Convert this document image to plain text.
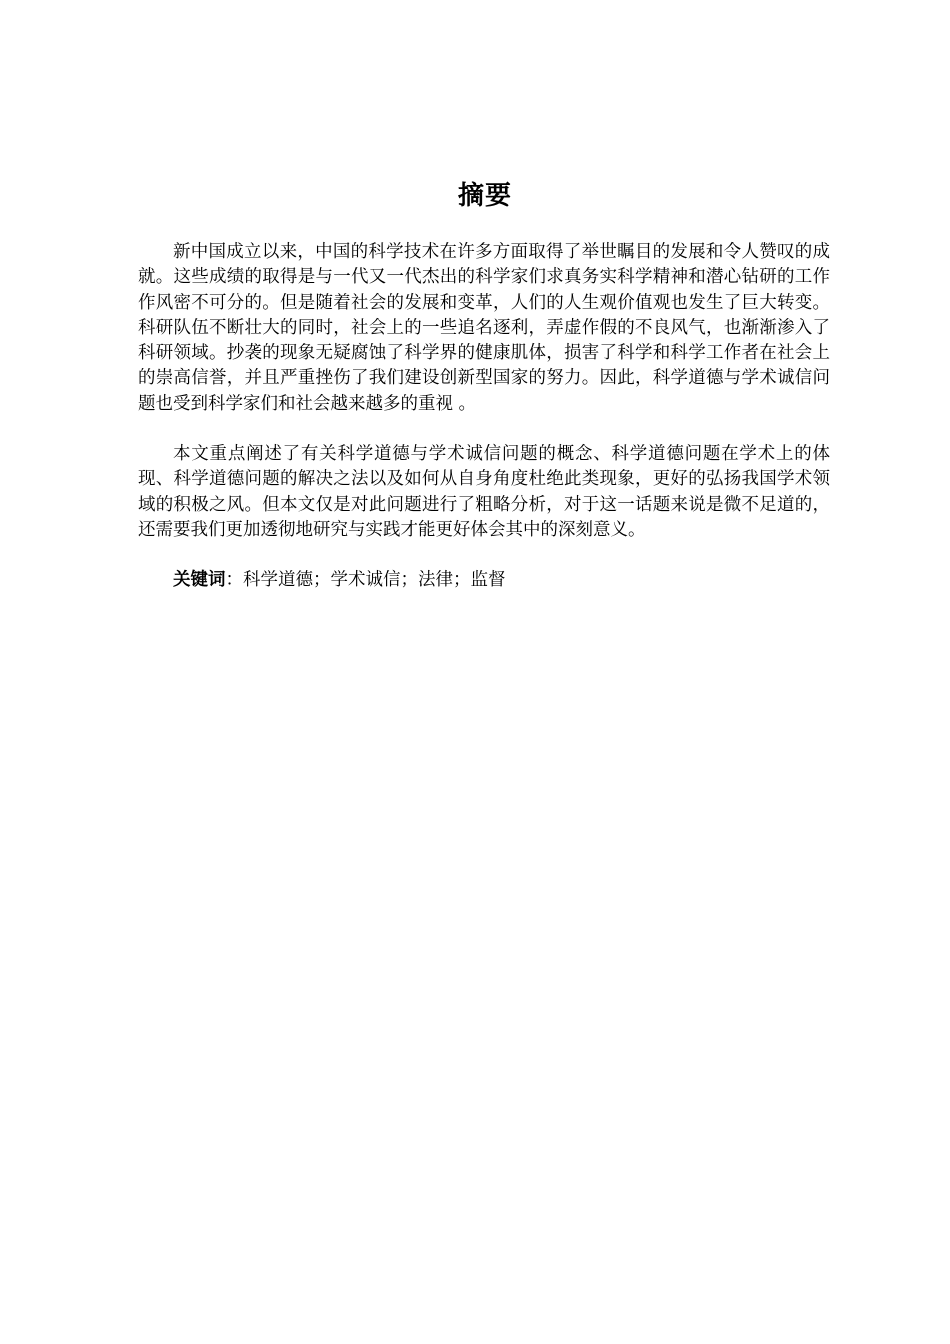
摘要

新中国成立以来，中国的科学技术在许多方面取得了举世瞩目的发展和令人赞叹的成就。这些成绩的取得是与一代又一代杰出的科学家们求真务实科学精神和潜心钻研的工作作风密不可分的。但是随着社会的发展和变革，人们的人生观价值观也发生了巨大转变。科研队伍不断壮大的同时，社会上的一些追名逐利，弄虚作假的不良风气，也渐渐渗入了科研领域。抄袭的现象无疑腐蚀了科学界的健康肌体，损害了科学和科学工作者在社会上的崇高信誉，并且严重挫伤了我们建设创新型国家的努力。因此，科学道德与学术诚信问题也受到科学家们和社会越来越多的重视 。

本文重点阐述了有关科学道德与学术诚信问题的概念、科学道德问题在学术上的体现、科学道德问题的解决之法以及如何从自身角度杜绝此类现象，更好的弘扬我国学术领域的积极之风。但本文仅是对此问题进行了粗略分析，对于这一话题来说是微不足道的，还需要我们更加透彻地研究与实践才能更好体会其中的深刻意义。

关键词：科学道德；学术诚信；法律；监督
